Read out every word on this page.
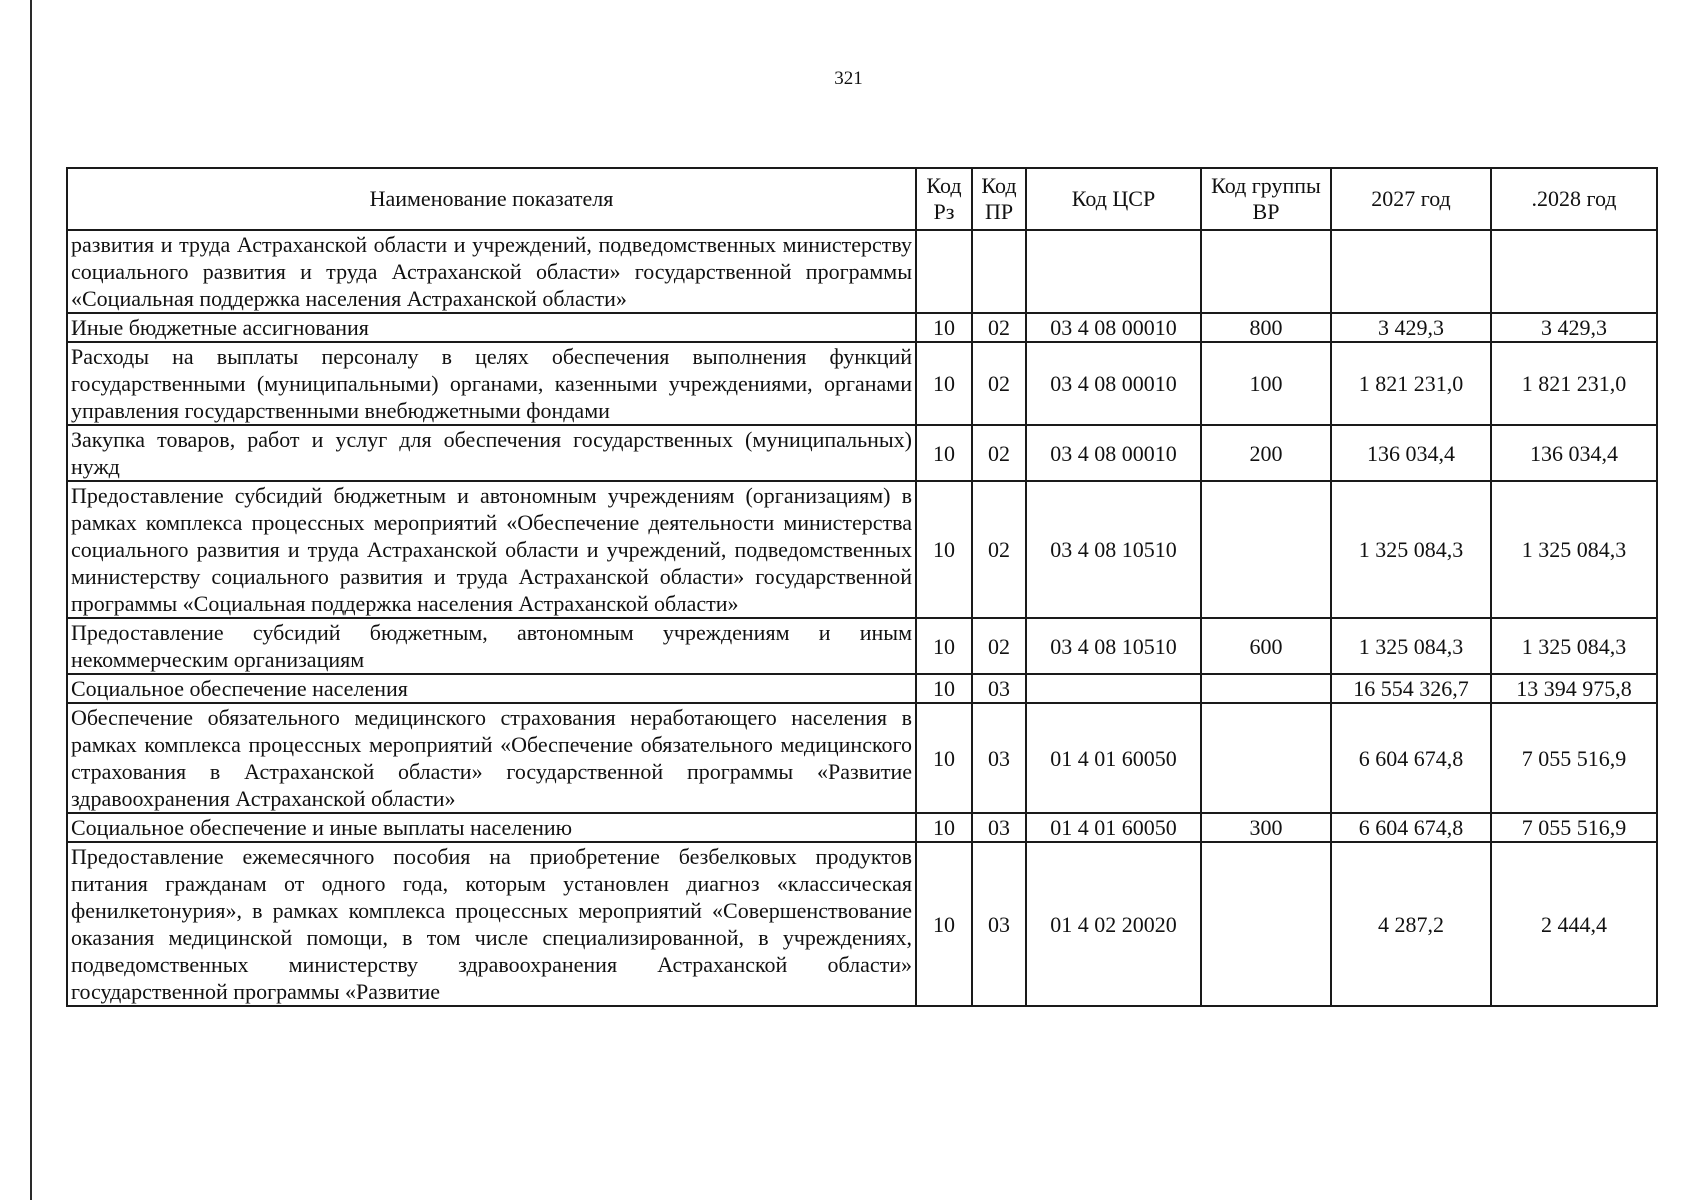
321
Наименование показателя	Код Рз	Код ПР	Код ЦСР	Код группы ВР	2027 год	.2028 год
развития и труда Астраханской области и учреждений, подведомственных министерству социального развития и труда Астраханской области» государственной программы «Социальная поддержка населения Астраханской области»						
Иные бюджетные ассигнования	10	02	03 4 08 00010	800	3 429,3	3 429,3
Расходы на выплаты персоналу в целях обеспечения выполнения функций государственными (муниципальными) органами, казенными учреждениями, органами управления государственными внебюджетными фондами	10	02	03 4 08 00010	100	1 821 231,0	1 821 231,0
Закупка товаров, работ и услуг для обеспечения государственных (муниципальных) нужд	10	02	03 4 08 00010	200	136 034,4	136 034,4
Предоставление субсидий бюджетным и автономным учреждениям (организациям) в рамках комплекса процессных мероприятий «Обеспечение деятельности министерства социального развития и труда Астраханской области и учреждений, подведомственных министерству социального развития и труда Астраханской области» государственной программы «Социальная поддержка населения Астраханской области»	10	02	03 4 08 10510		1 325 084,3	1 325 084,3
Предоставление субсидий бюджетным, автономным учреждениям и иным некоммерческим организациям	10	02	03 4 08 10510	600	1 325 084,3	1 325 084,3
Социальное обеспечение населения	10	03			16 554 326,7	13 394 975,8
Обеспечение обязательного медицинского страхования неработающего населения в рамках комплекса процессных мероприятий «Обеспечение обязательного медицинского страхования в Астраханской области» государственной программы «Развитие здравоохранения Астраханской области»	10	03	01 4 01 60050		6 604 674,8	7 055 516,9
Социальное обеспечение и иные выплаты населению	10	03	01 4 01 60050	300	6 604 674,8	7 055 516,9
Предоставление ежемесячного пособия на приобретение безбелковых продуктов питания гражданам от одного года, которым установлен диагноз «классическая фенилкетонурия», в рамках комплекса процессных мероприятий «Совершенствование оказания медицинской помощи, в том числе специализированной, в учреждениях, подведомственных министерству здравоохранения Астраханской области» государственной программы «Развитие	10	03	01 4 02 20020		4 287,2	2 444,4
